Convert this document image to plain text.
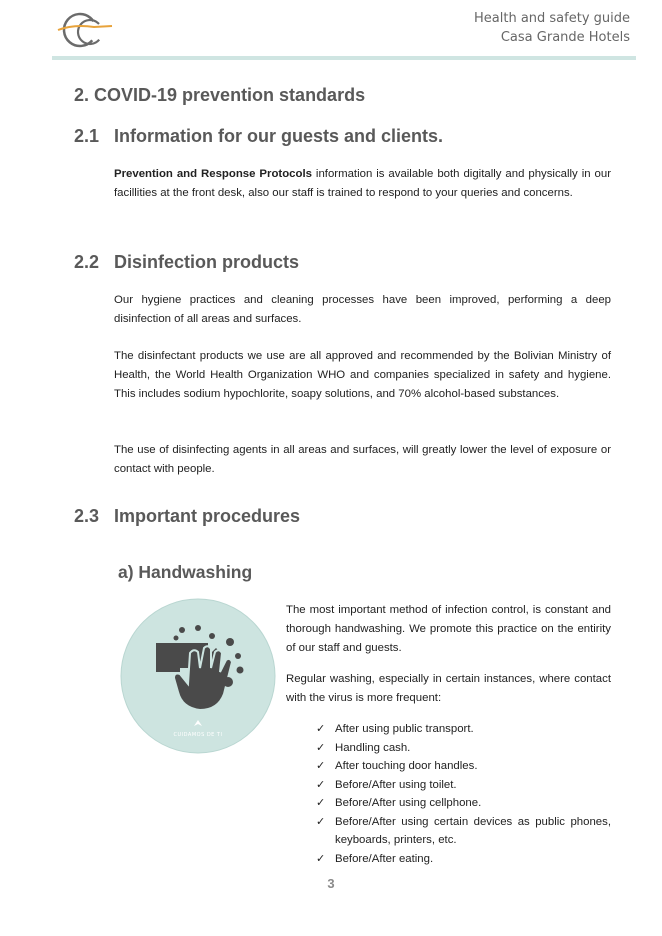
Health and safety guide
Casa Grande Hotels
2. COVID-19 prevention standards
2.1 Information for our guests and clients.
Prevention and Response Protocols information is available both digitally and physically in our facillities at the front desk, also our staff is trained to respond to your queries and concerns.
2.2 Disinfection products
Our hygiene practices and cleaning processes have been improved, performing a deep disinfection of all areas and surfaces.
The disinfectant products we use are all approved and recommended by the Bolivian Ministry of Health, the World Health Organization WHO and companies specialized in safety and hygiene. This includes sodium hypochlorite, soapy solutions, and 70% alcohol-based substances.
The use of disinfecting agents in all areas and surfaces, will greatly lower the level of exposure or contact with people.
2.3 Important procedures
a) Handwashing
CUIDAMOS DE TI
The most important method of infection control, is constant and thorough handwashing. We promote this practice on the entirity of our staff and guests.
Regular washing, especially in certain instances, where contact with the virus is more frequent:
✓ After using public transport.
✓ Handling cash.
✓ After touching door handles.
✓ Before/After using toilet.
✓ Before/After using cellphone.
✓ Before/After using certain devices as public phones, keyboards, printers, etc.
✓ Before/After eating.
3
